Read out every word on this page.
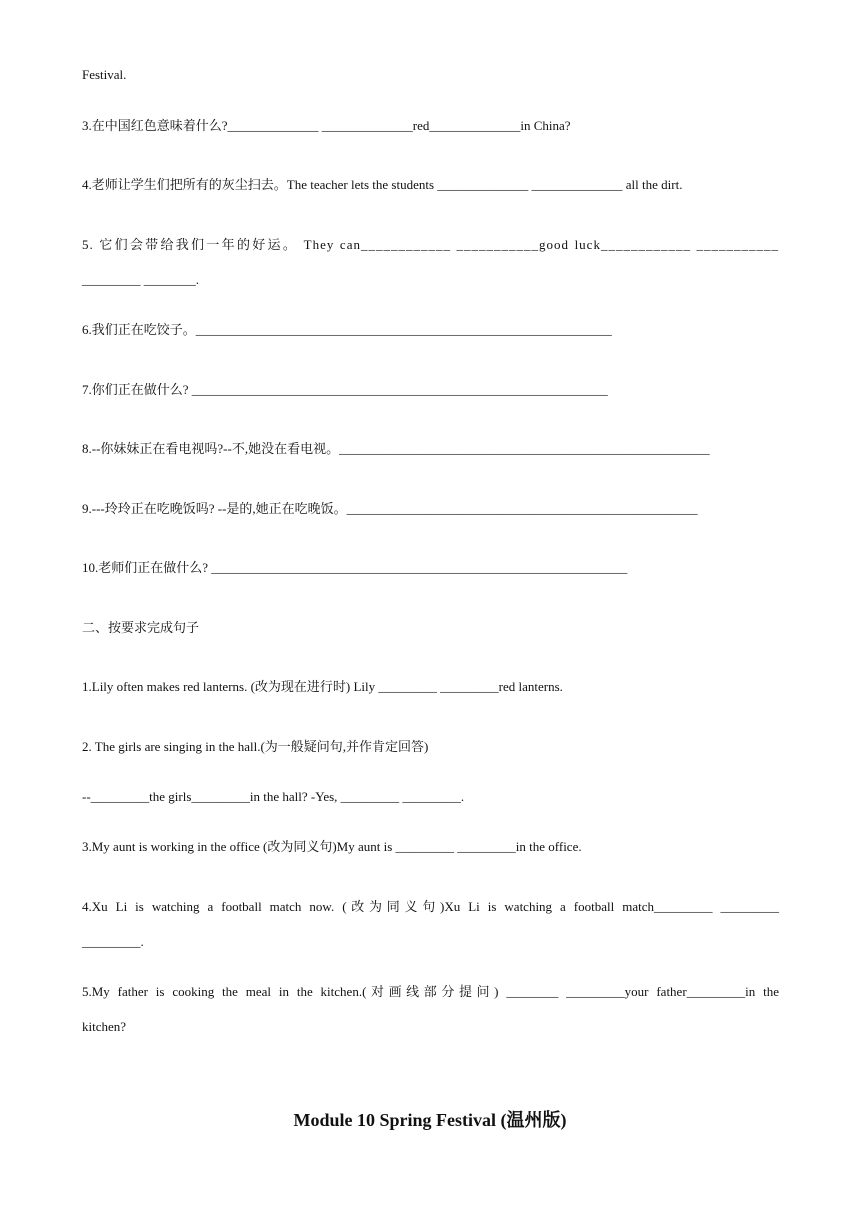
Festival.
3.在中国红色意味着什么?______________ ______________red______________in China?
4.老师让学生们把所有的灰尘扫去。The teacher lets the students ______________ ______________ all the dirt.
5. 它们会带给我们一年的好运。 They can____________ ___________good luck____________ ___________
_________ ________.
6.我们正在吃饺子。________________________________________________________________
7.你们正在做什么? ________________________________________________________________
8.--你妹妹正在看电视吗?--不,她没在看电视。_________________________________________________________
9.---玲玲正在吃晚饭吗? --是的,她正在吃晚饭。______________________________________________________
10.老师们正在做什么? ________________________________________________________________
二、按要求完成句子
1.Lily often makes red lanterns. (改为现在进行时) Lily _________ _________red lanterns.
2. The girls are singing in the hall.(为一般疑问句,并作肯定回答)
--_________the girls_________in the hall? -Yes, _________ _________.
3.My aunt is working in the office (改为同义句)My aunt is _________ _________in the office.
4.Xu Li is watching a football match now. (改为同义句)Xu Li is watching a football match_________ _________
_________.
5.My father is cooking the meal in the kitchen.(对画线部分提问) ________ _________your father_________in the
kitchen?
Module 10 Spring Festival (温州版)
